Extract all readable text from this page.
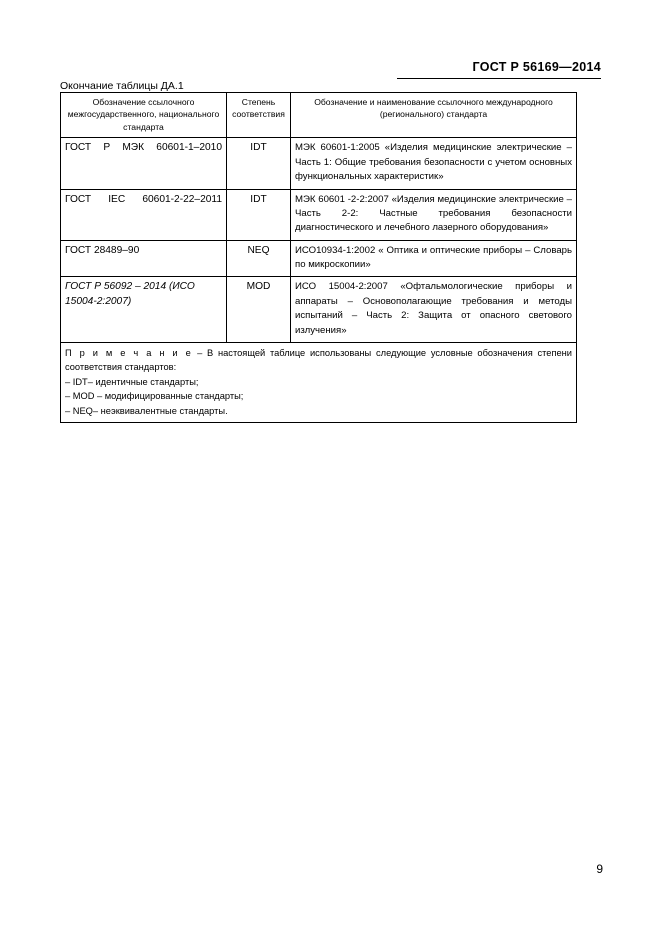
ГОСТ Р 56169—2014
Окончание таблицы ДА.1
Обозначение ссылочного межгосударственного, национального стандарта	Степень соответствия	Обозначение и наименование ссылочного международного (регионального) стандарта
ГОСТ Р МЭК 60601-1–2010	IDT	МЭК 60601-1:2005 «Изделия медицинские электрические – Часть 1: Общие требования безопасности с учетом основных функциональных характеристик»
ГОСТ IEC 60601-2-22–2011	IDT	МЭК 60601 -2-2:2007 «Изделия медицинские электрические – Часть 2-2: Частные требования безопасности диагностического и лечебного лазерного оборудования»
ГОСТ 28489–90	NEQ	ИСО10934-1:2002 « Оптика и оптические приборы – Словарь по микроскопии»
ГОСТ Р 56092 – 2014 (ИСО 15004-2:2007)	MOD	ИСО 15004-2:2007 «Офтальмологические приборы и аппараты – Основополагающие требования и методы испытаний – Часть 2: Защита от опасного светового излучения»
П р и м е ч а н и е – В настоящей таблице использованы следующие условные обозначения степени соответствия стандартов:
– IDT– идентичные стандарты;
– MOD – модифицированные стандарты;
– NEQ– неэквивалентные стандарты.		
9
